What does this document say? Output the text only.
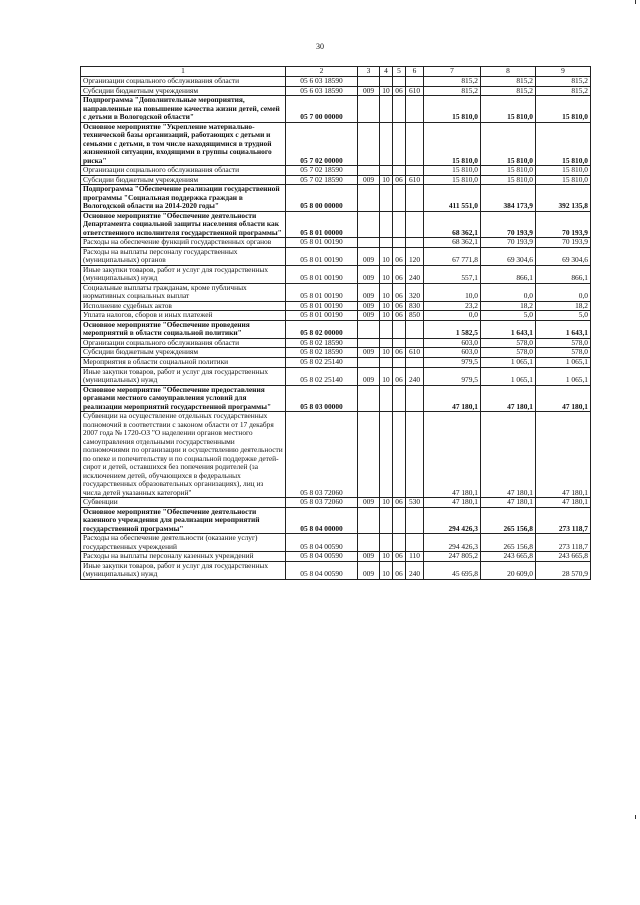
30
1	2	3	4	5	6	7	8	9
Организации социального обслуживания области	05 6 03 18590					815,2	815,2	815,2
Субсидии бюджетным учреждениям	05 6 03 18590	009	10	06	610	815,2	815,2	815,2
Подпрограмма "Дополнительные мероприятия, направленные на повышение качества жизни детей, семей с детьми в Вологодской области"	05 7 00 00000					15 810,0	15 810,0	15 810,0
Основное мероприятие "Укрепление материально-технической базы организаций, работающих с детьми и семьями с детьми, в том числе находящимися в трудной жизненной ситуации, входящими в группы социального риска"	05 7 02 00000					15 810,0	15 810,0	15 810,0
Организации социального обслуживания области	05 7 02 18590					15 810,0	15 810,0	15 810,0
Субсидии бюджетным учреждениям	05 7 02 18590	009	10	06	610	15 810,0	15 810,0	15 810,0
Подпрограмма "Обеспечение реализации государственной программы "Социальная поддержка граждан в Вологодской области на 2014-2020 годы"	05 8 00 00000					411 551,0	384 173,9	392 135,8
Основное мероприятие "Обеспечение деятельности Департамента социальной защиты населения области как ответственного исполнителя государственной программы"	05 8 01 00000					68 362,1	70 193,9	70 193,9
Расходы на обеспечение функций государственных органов	05 8 01 00190					68 362,1	70 193,9	70 193,9
Расходы на выплаты персоналу государственных (муниципальных) органов	05 8 01 00190	009	10	06	120	67 771,8	69 304,6	69 304,6
Иные закупки товаров, работ и услуг для государственных (муниципальных) нужд	05 8 01 00190	009	10	06	240	557,1	866,1	866,1
Социальные выплаты гражданам, кроме публичных нормативных социальных выплат	05 8 01 00190	009	10	06	320	10,0	0,0	0,0
Исполнение судебных актов	05 8 01 00190	009	10	06	830	23,2	18,2	18,2
Уплата налогов, сборов и иных платежей	05 8 01 00190	009	10	06	850	0,0	5,0	5,0
Основное мероприятие "Обеспечение проведения мероприятий в области социальной политики"	05 8 02 00000					1 582,5	1 643,1	1 643,1
Организации социального обслуживания области	05 8 02 18590					603,0	578,0	578,0
Субсидии бюджетным учреждениям	05 8 02 18590	009	10	06	610	603,0	578,0	578,0
Мероприятия в области социальной политики	05 8 02 25140					979,5	1 065,1	1 065,1
Иные закупки товаров, работ и услуг для государственных (муниципальных) нужд	05 8 02 25140	009	10	06	240	979,5	1 065,1	1 065,1
Основное мероприятие "Обеспечение предоставления органами местного самоуправления условий для реализации мероприятий государственной программы"	05 8 03 00000					47 180,1	47 180,1	47 180,1
Субвенции на осуществление отдельных государственных полномочий в соответствии с законом области от 17 декабря 2007 года № 1720-ОЗ "О наделении органов местного самоуправления отдельными государственными полномочиями по организации и осуществлению деятельности по опеке и попечительству и по социальной поддержке детей-сирот и детей, оставшихся без попечения родителей (за исключением детей, обучающихся в федеральных государственных образовательных организациях), лиц из числа детей указанных категорий"	05 8 03 72060					47 180,1	47 180,1	47 180,1
Субвенции	05 8 03 72060	009	10	06	530	47 180,1	47 180,1	47 180,1
Основное мероприятие "Обеспечение деятельности казенного учреждения для реализации мероприятий государственной программы"	05 8 04 00000					294 426,3	265 156,8	273 118,7
Расходы на обеспечение деятельности (оказание услуг) государственных учреждений	05 8 04 00590					294 426,3	265 156,8	273 118,7
Расходы на выплаты персоналу казенных учреждений	05 8 04 00590	009	10	06	110	247 805,2	243 665,8	243 665,8
Иные закупки товаров, работ и услуг для государственных (муниципальных) нужд	05 8 04 00590	009	10	06	240	45 695,8	20 609,0	28 570,9
